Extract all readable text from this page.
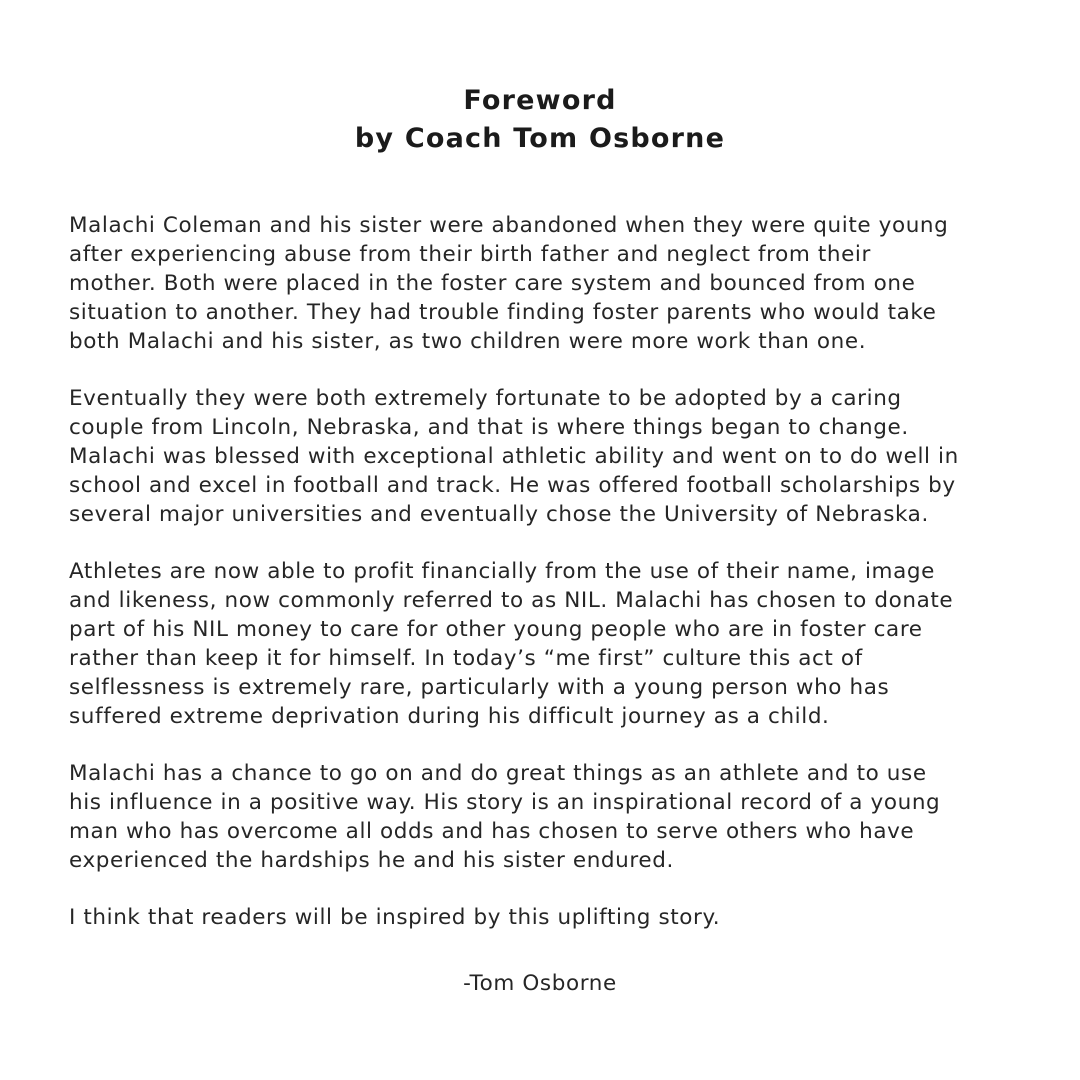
Foreword
by Coach Tom Osborne

Malachi Coleman and his sister were abandoned when they were quite young
after experiencing abuse from their birth father and neglect from their
mother. Both were placed in the foster care system and bounced from one
situation to another. They had trouble finding foster parents who would take
both Malachi and his sister, as two children were more work than one.

Eventually they were both extremely fortunate to be adopted by a caring
couple from Lincoln, Nebraska, and that is where things began to change.
Malachi was blessed with exceptional athletic ability and went on to do well in
school and excel in football and track. He was offered football scholarships by
several major universities and eventually chose the University of Nebraska.

Athletes are now able to profit financially from the use of their name, image
and likeness, now commonly referred to as NIL. Malachi has chosen to donate
part of his NIL money to care for other young people who are in foster care
rather than keep it for himself. In today’s “me first” culture this act of
selflessness is extremely rare, particularly with a young person who has
suffered extreme deprivation during his difficult journey as a child.

Malachi has a chance to go on and do great things as an athlete and to use
his influence in a positive way. His story is an inspirational record of a young
man who has overcome all odds and has chosen to serve others who have
experienced the hardships he and his sister endured.

I think that readers will be inspired by this uplifting story.

-Tom Osborne
